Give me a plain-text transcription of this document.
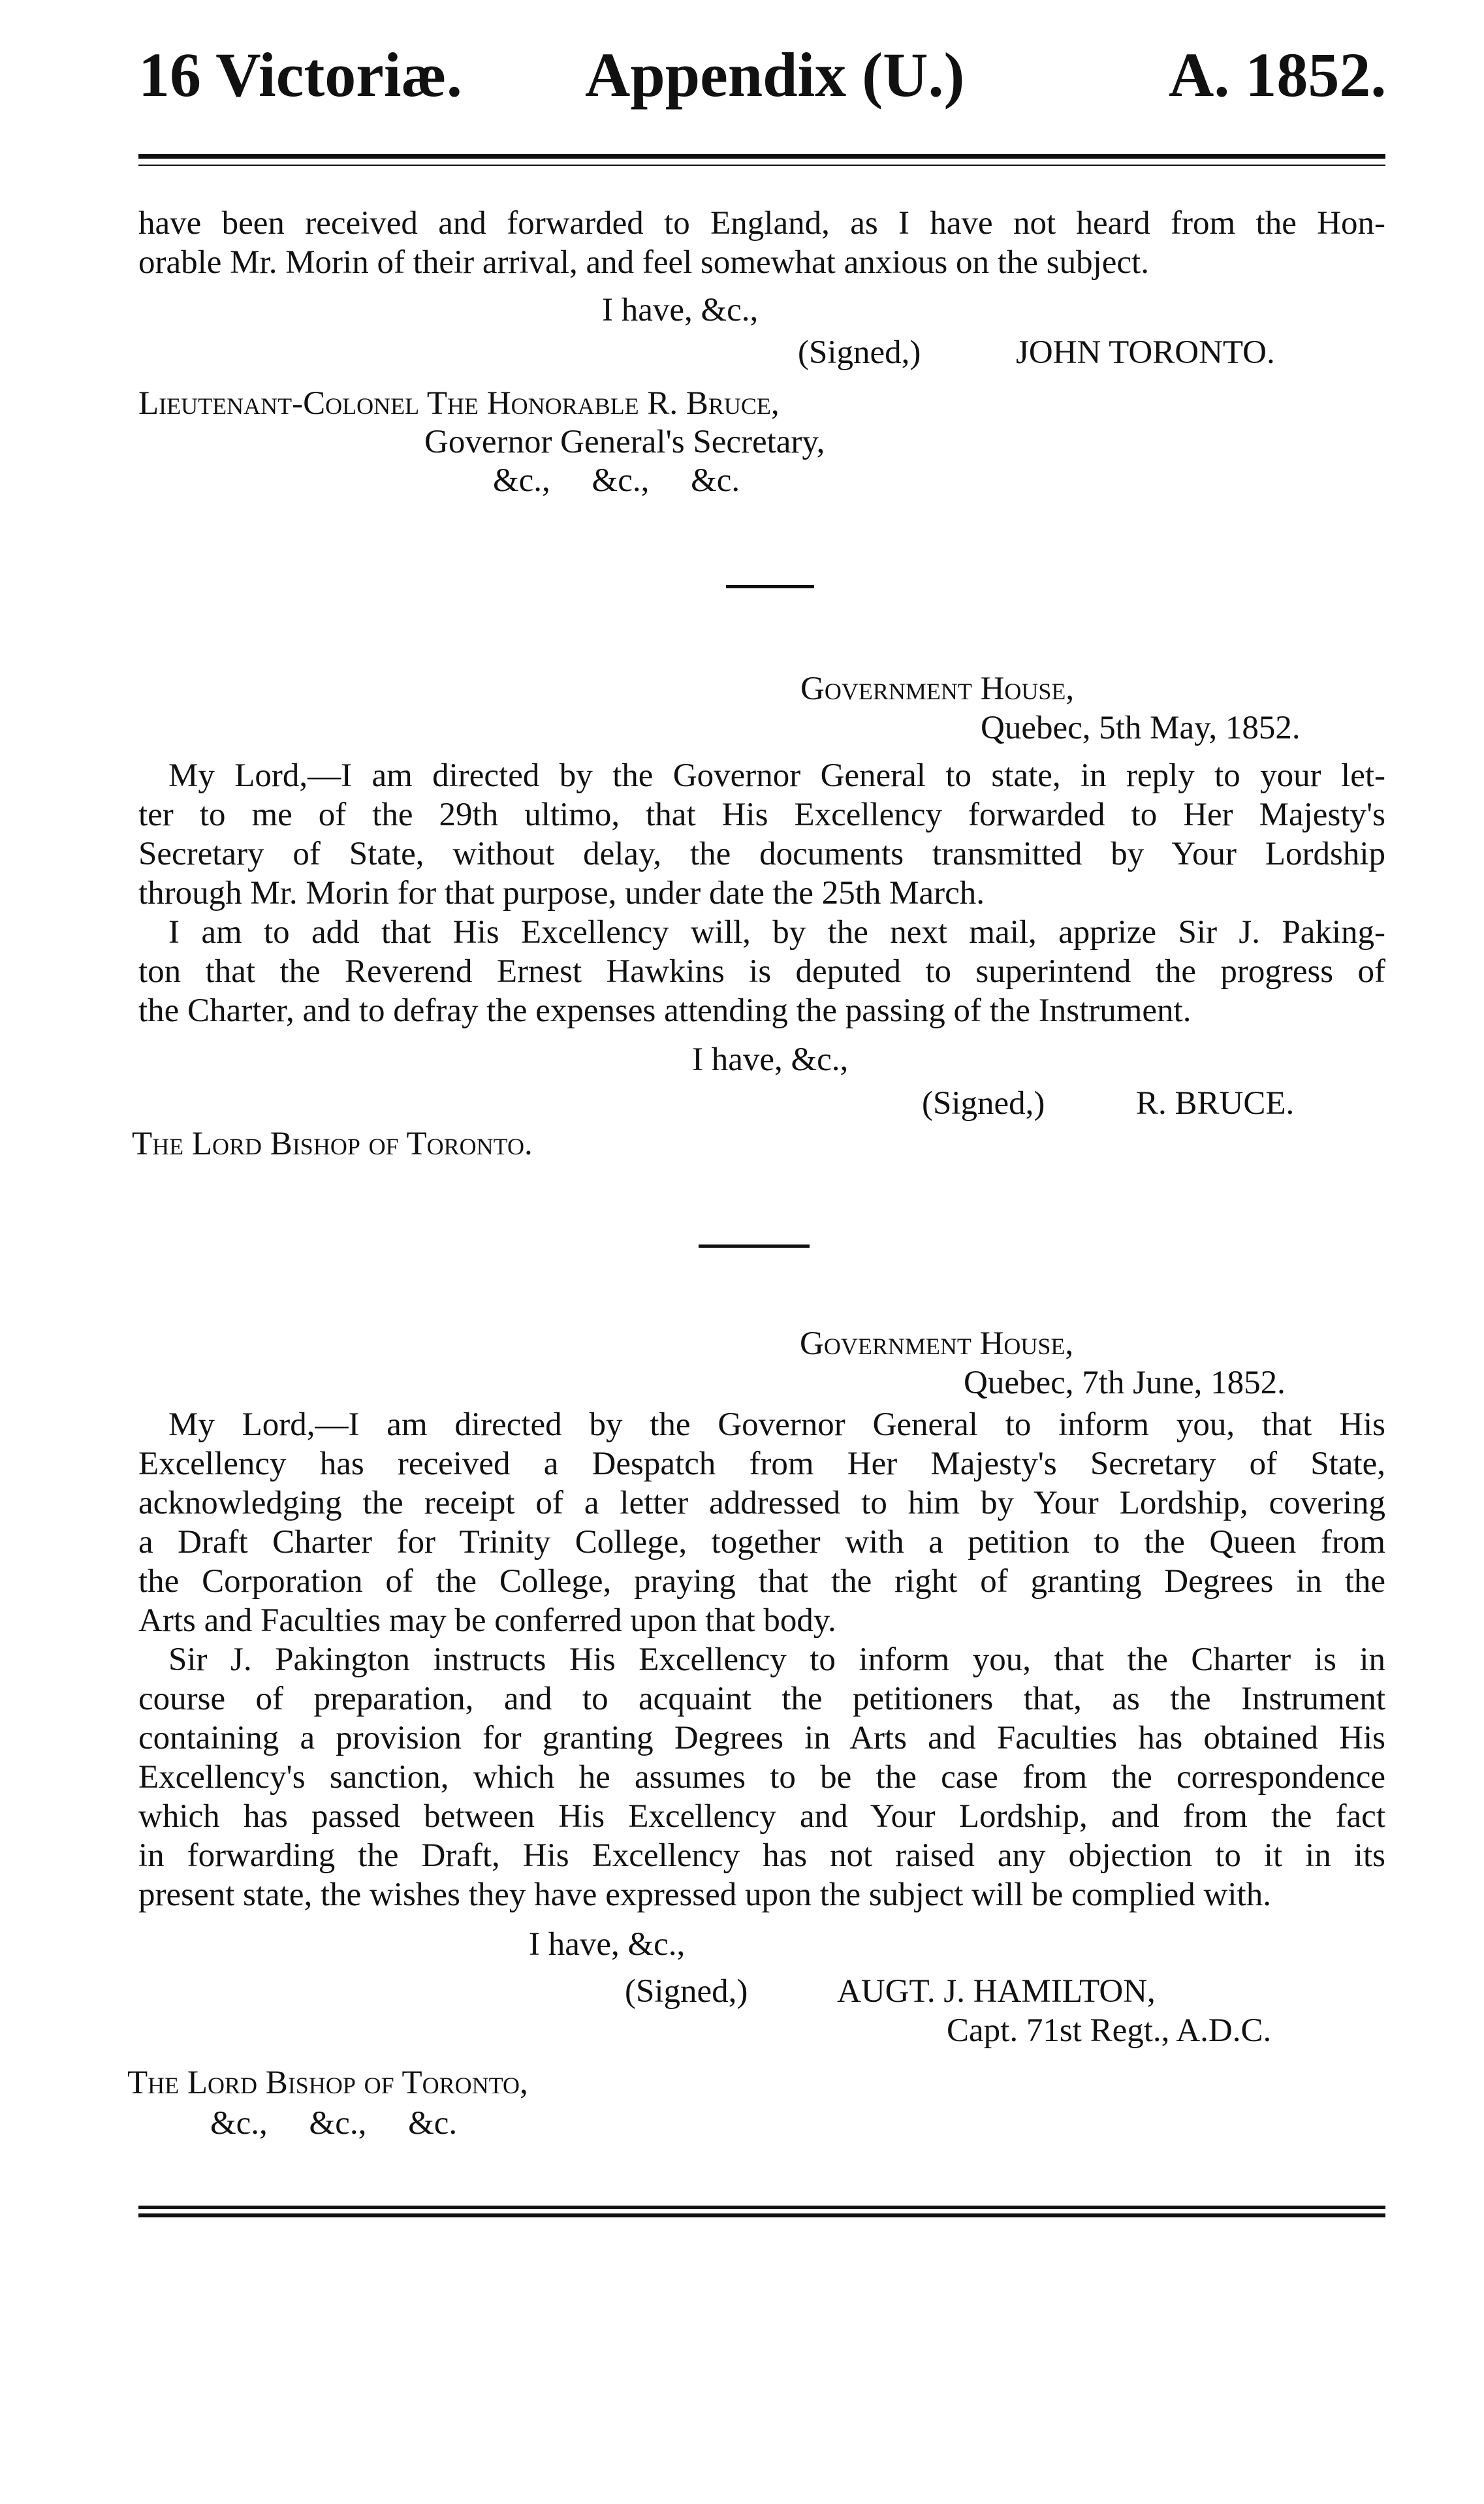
16 Victoriæ. Appendix (U.)	A. 1852.
have been received and forwarded to England, as I have not heard from the Hon-
orable Mr. Morin of their arrival, and feel somewhat anxious on the subject.
I have, &c.,
(Signed,)	JOHN TORONTO.
Lieutenant-Colonel The Honorable R. Bruce,
Governor General's Secretary,
&c.,     &c.,     &c.
Government House,
Quebec, 5th May, 1852.
My Lord,—I am directed by the Governor General to state, in reply to your let-
ter to me of the 29th ultimo, that His Excellency forwarded to Her Majesty's
Secretary of State, without delay, the documents transmitted by Your Lordship
through Mr. Morin for that purpose, under date the 25th March.
I am to add that His Excellency will, by the next mail, apprize Sir J. Paking-
ton that the Reverend Ernest Hawkins is deputed to superintend the progress of
the Charter, and to defray the expenses attending the passing of the Instrument.
I have, &c.,
(Signed,)	R. BRUCE.
The Lord Bishop of Toronto.
Government House,
Quebec, 7th June, 1852.
My Lord,—I am directed by the Governor General to inform you, that His
Excellency has received a Despatch from Her Majesty's Secretary of State,
acknowledging the receipt of a letter addressed to him by Your Lordship, covering
a Draft Charter for Trinity College, together with a petition to the Queen from
the Corporation of the College, praying that the right of granting Degrees in the
Arts and Faculties may be conferred upon that body.
Sir J. Pakington instructs His Excellency to inform you, that the Charter is in
course of preparation, and to acquaint the petitioners that, as the Instrument
containing a provision for granting Degrees in Arts and Faculties has obtained His
Excellency's sanction, which he assumes to be the case from the correspondence
which has passed between His Excellency and Your Lordship, and from the fact
in forwarding the Draft, His Excellency has not raised any objection to it in its
present state, the wishes they have expressed upon the subject will be complied with.
I have, &c.,
(Signed,)	AUGT. J. HAMILTON,
Capt. 71st Regt., A.D.C.
The Lord Bishop of Toronto,
&c.,     &c.,     &c.
